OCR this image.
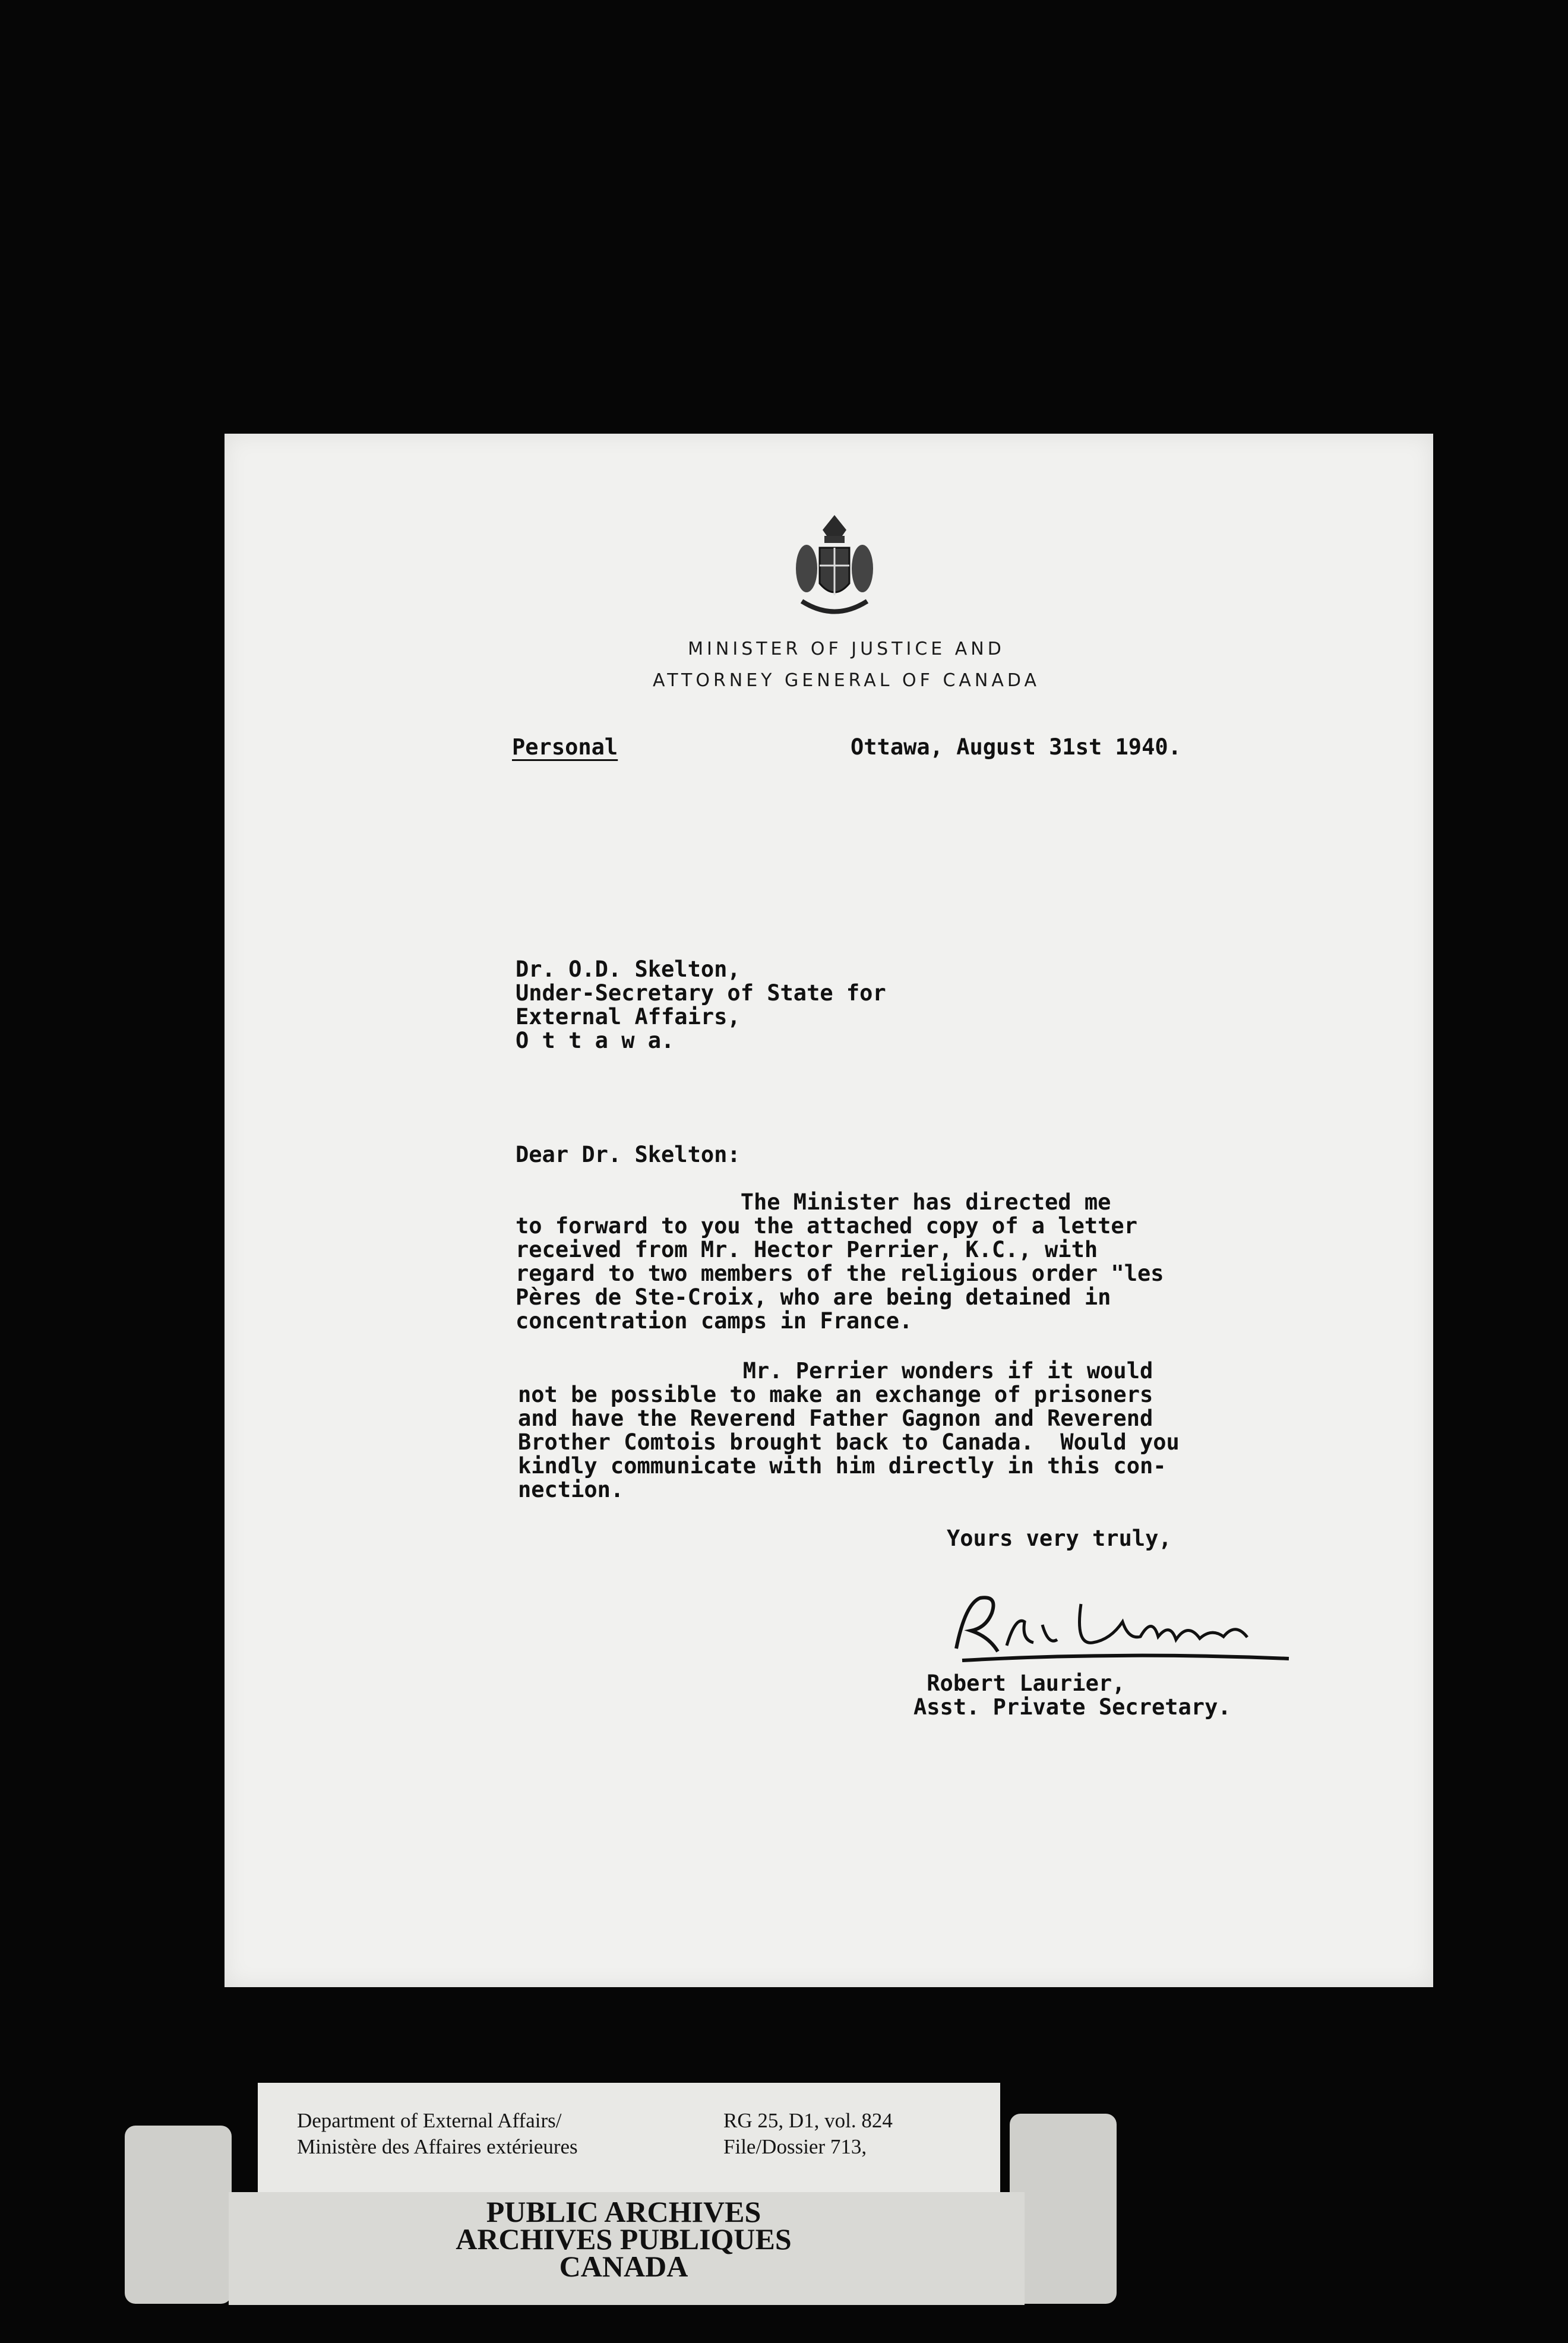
MINISTER OF JUSTICE AND
ATTORNEY GENERAL OF CANADA
Personal	Ottawa, August 31st 1940.
Dr. O.D. Skelton,
Under-Secretary of State for
External Affairs,
O t t a w a.
Dear Dr. Skelton:
The Minister has directed me
to forward to you the attached copy of a letter
received from Mr. Hector Perrier, K.C., with
regard to two members of the religious order "les
Pères de Ste-Croix, who are being detained in
concentration camps in France.
Mr. Perrier wonders if it would
not be possible to make an exchange of prisoners
and have the Reverend Father Gagnon and Reverend
Brother Comtois brought back to Canada.  Would you
kindly communicate with him directly in this con-
nection.
Yours very truly,
Robert Laurier,
Asst. Private Secretary.
Department of External Affairs/
Ministère des Affaires extérieures
RG 25, D1, vol. 824
File/Dossier 713,
PUBLIC ARCHIVES
ARCHIVES PUBLIQUES
CANADA
